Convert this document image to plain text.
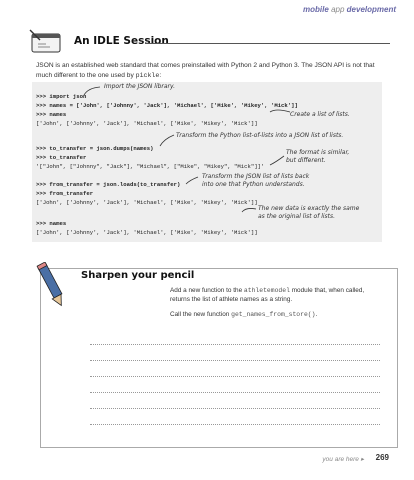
mobile app development
An IDLE Session
JSON is an established web standard that comes preinstalled with Python 2 and Python 3. The JSON API is not that much different to the one used by pickle:
>>> import json
>>> names = ['John', ['Johnny', 'Jack'], 'Michael', ['Mike', 'Mikey', 'Mick']]
>>> names
['John', ['Johnny', 'Jack'], 'Michael', ['Mike', 'Mikey', 'Mick']]
>>> to_transfer = json.dumps(names)
>>> to_transfer
'["John", ["Johnny", "Jack"], "Michael", ["Mike", "Mikey", "Mick"]]'
>>> from_transfer = json.loads(to_transfer)
>>> from_transfer
['John', ['Johnny', 'Jack'], 'Michael', ['Mike', 'Mikey', 'Mick']]
>>> names
['John', ['Johnny', 'Jack'], 'Michael', ['Mike', 'Mikey', 'Mick']]
Import the JSON library.
Create a list of lists.
Transform the Python list-of-lists into a JSON list of lists.
The format is similar,
but different.
Transform the JSON list of lists back
into one that Python understands.
The new data is exactly the same
as the original list of lists.
Sharpen your pencil
Add a new function to the athletemodel module that, when called, returns the list of athlete names as a string.
Call the new function get_names_from_store().
you are here ▸ 269
